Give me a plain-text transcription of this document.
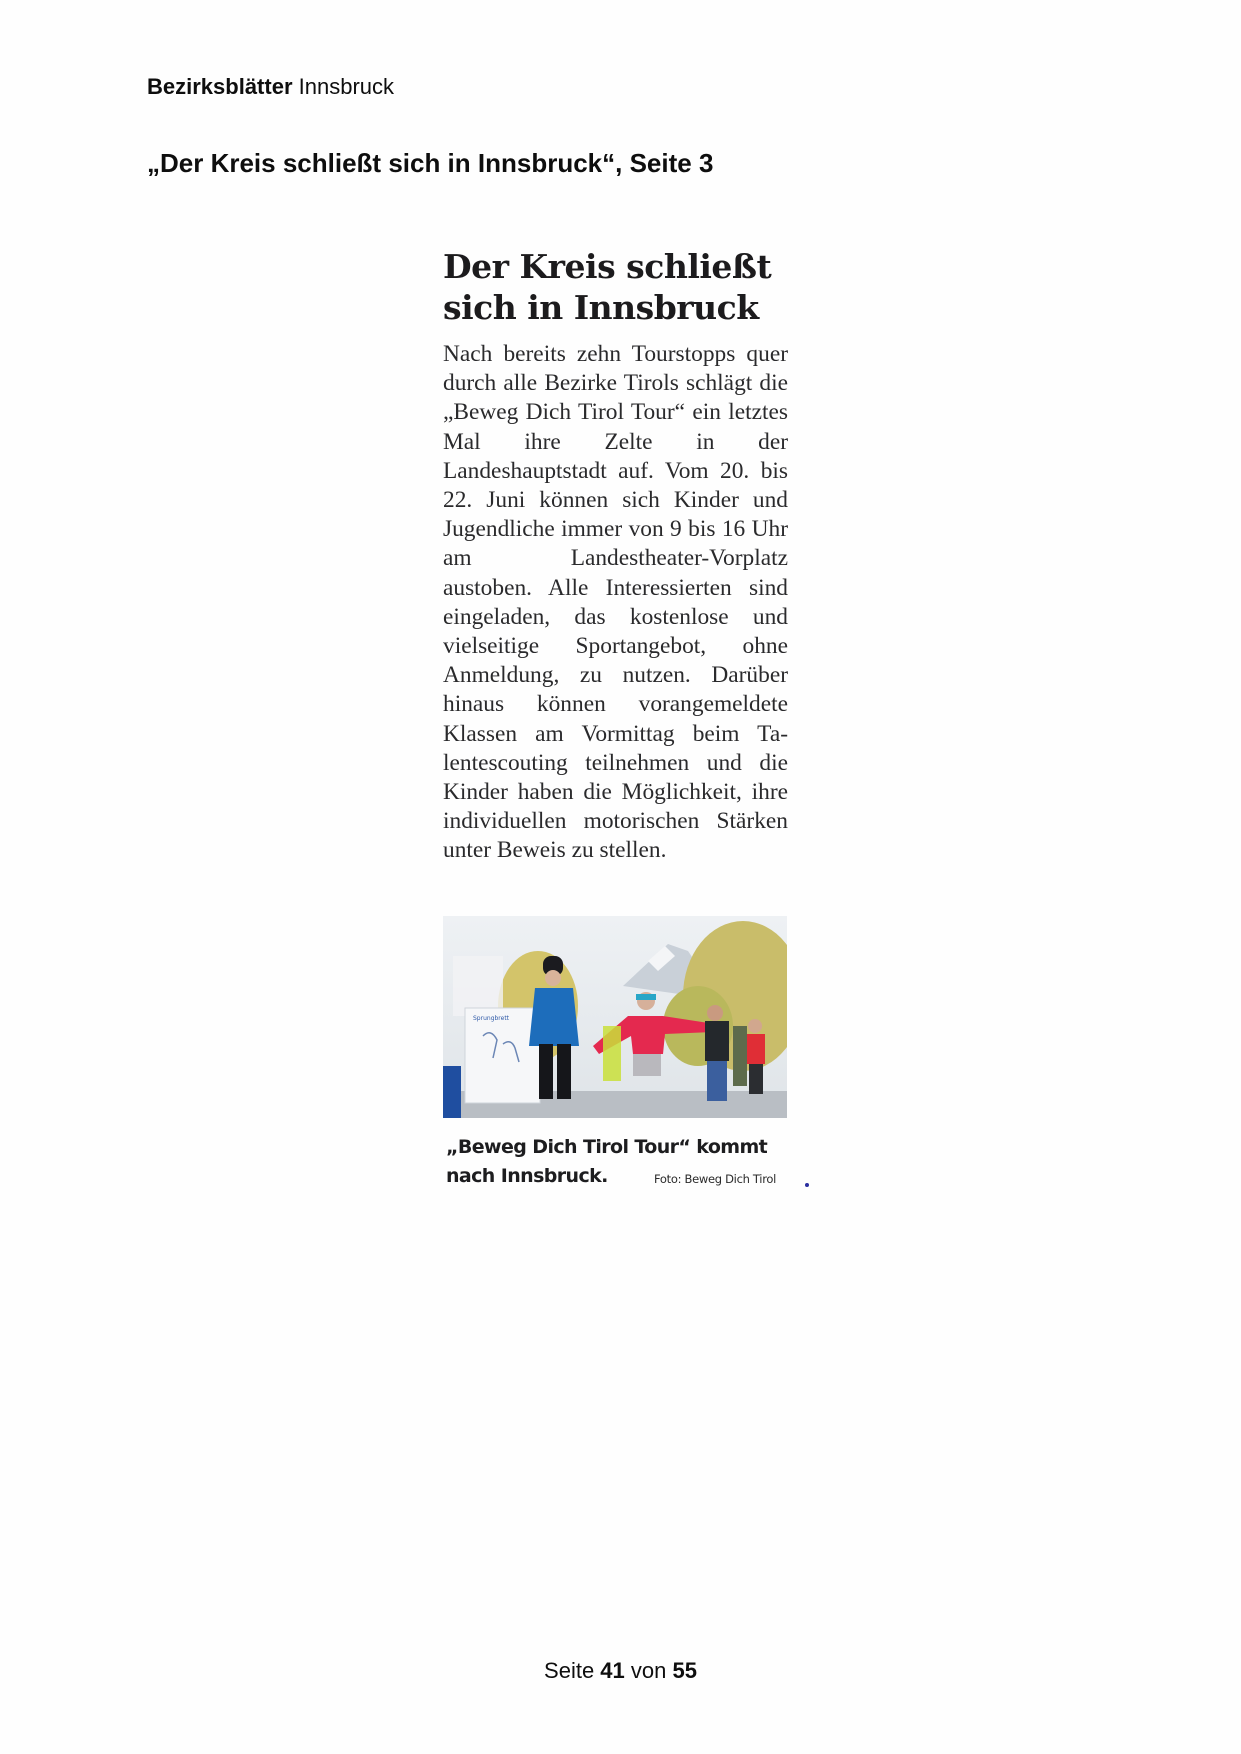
Bezirksblätter Innsbruck
„Der Kreis schließt sich in Innsbruck“, Seite 3
Der Kreis schließt
sich in Innsbruck

Nach bereits zehn Tourstopps quer durch alle Bezirke Tirols schlägt die „Beweg Dich Tirol Tour“ ein letztes Mal ihre Zelte in der Landeshauptstadt auf. Vom 20. bis 22. Juni können sich Kinder und Jugendliche immer von 9 bis 16 Uhr am Landestheater-Vorplatz austoben. Alle Interessierten sind eingeladen, das kostenlose und vielseitige Sportangebot, ohne Anmeldung, zu nutzen. Darüber hinaus können vorangemeldete Klassen am Vormittag beim Talentescouting teilnehmen und die Kinder haben die Möglichkeit, ihre individuellen motorischen Stärken unter Beweis zu stellen.

Sprungbrett
„Beweg Dich Tirol Tour“ kommt
nach Innsbruck.	Foto: Beweg Dich Tirol
Seite 41 von 55
